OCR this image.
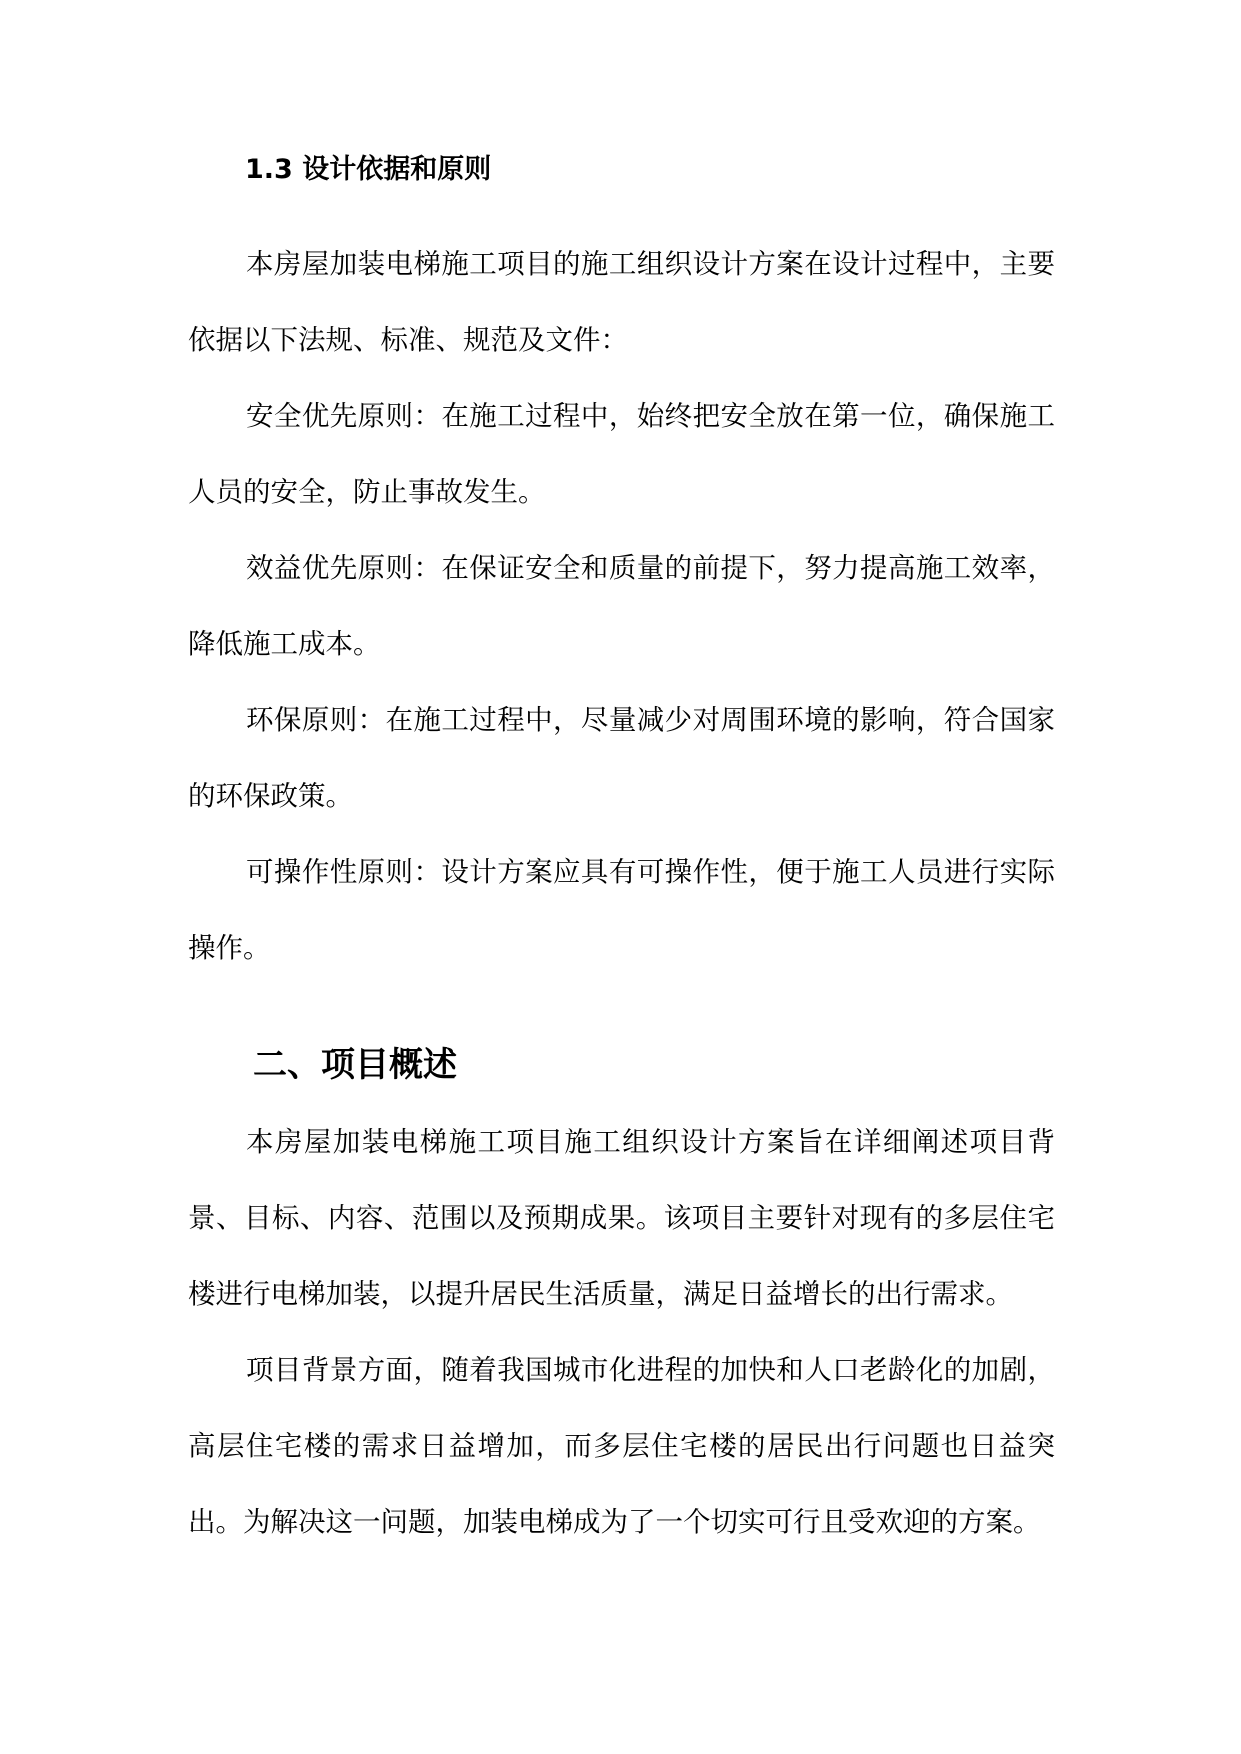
1.3 设计依据和原则

本房屋加装电梯施工项目的施工组织设计方案在设计过程中，主要依据以下法规、标准、规范及文件：

安全优先原则：在施工过程中，始终把安全放在第一位，确保施工人员的安全，防止事故发生。

效益优先原则：在保证安全和质量的前提下，努力提高施工效率，降低施工成本。

环保原则：在施工过程中，尽量减少对周围环境的影响，符合国家的环保政策。

可操作性原则：设计方案应具有可操作性，便于施工人员进行实际操作。

二、项目概述

本房屋加装电梯施工项目施工组织设计方案旨在详细阐述项目背景、目标、内容、范围以及预期成果。该项目主要针对现有的多层住宅楼进行电梯加装，以提升居民生活质量，满足日益增长的出行需求。

项目背景方面，随着我国城市化进程的加快和人口老龄化的加剧，高层住宅楼的需求日益增加，而多层住宅楼的居民出行问题也日益突出。为解决这一问题，加装电梯成为了一个切实可行且受欢迎的方案。
